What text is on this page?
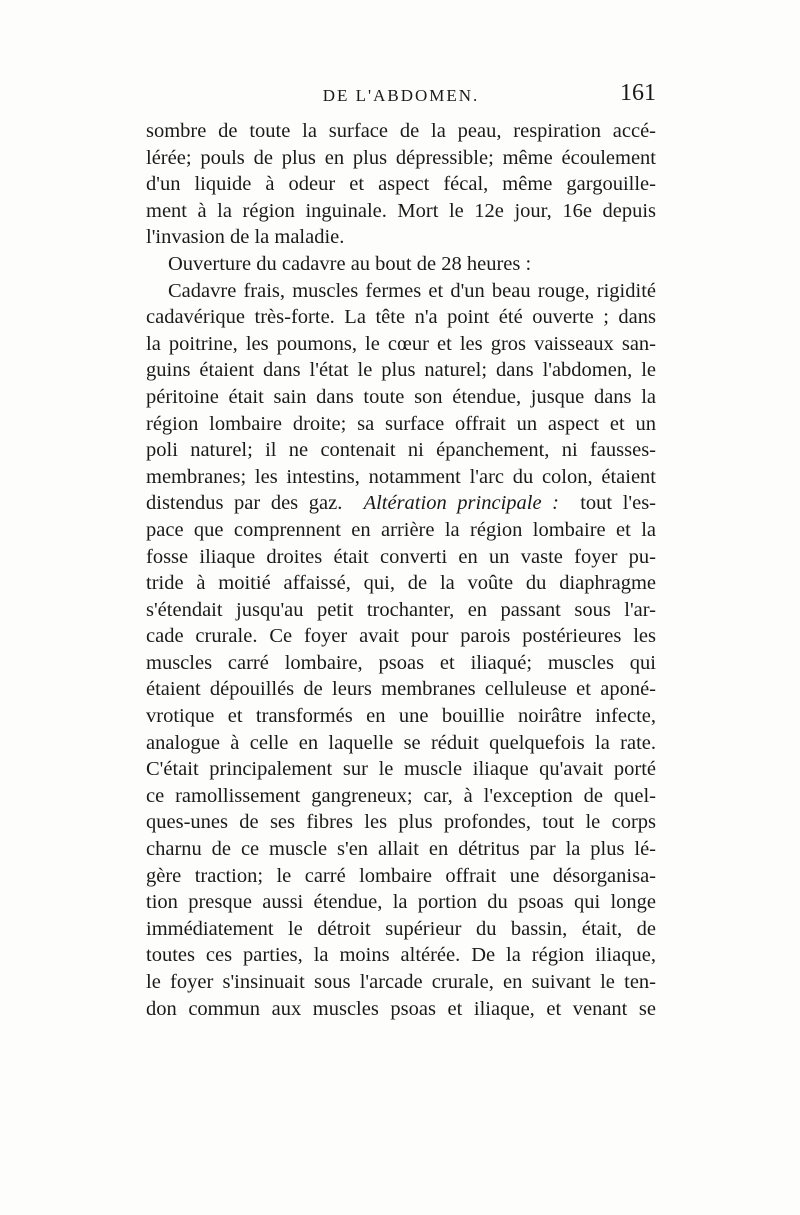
DE L'ABDOMEN.	161
sombre de toute la surface de la peau, respiration accé-
lérée; pouls de plus en plus dépressible; même écoulement
d'un liquide à odeur et aspect fécal, même gargouille-
ment à la région inguinale. Mort le 12e jour, 16e depuis
l'invasion de la maladie.
Ouverture du cadavre au bout de 28 heures :
Cadavre frais, muscles fermes et d'un beau rouge, rigidité
cadavérique très-forte. La tête n'a point été ouverte ; dans
la poitrine, les poumons, le cœur et les gros vaisseaux san-
guins étaient dans l'état le plus naturel; dans l'abdomen, le
péritoine était sain dans toute son étendue, jusque dans la
région lombaire droite; sa surface offrait un aspect et un
poli naturel; il ne contenait ni épanchement, ni fausses-
membranes; les intestins, notamment l'arc du colon, étaient
distendus par des gaz. Altération principale : tout l'es-
pace que comprennent en arrière la région lombaire et la
fosse iliaque droites était converti en un vaste foyer pu-
tride à moitié affaissé, qui, de la voûte du diaphragme
s'étendait jusqu'au petit trochanter, en passant sous l'ar-
cade crurale. Ce foyer avait pour parois postérieures les
muscles carré lombaire, psoas et iliaqué; muscles qui
étaient dépouillés de leurs membranes celluleuse et aponé-
vrotique et transformés en une bouillie noirâtre infecte,
analogue à celle en laquelle se réduit quelquefois la rate.
C'était principalement sur le muscle iliaque qu'avait porté
ce ramollissement gangreneux; car, à l'exception de quel-
ques-unes de ses fibres les plus profondes, tout le corps
charnu de ce muscle s'en allait en détritus par la plus lé-
gère traction; le carré lombaire offrait une désorganisa-
tion presque aussi étendue, la portion du psoas qui longe
immédiatement le détroit supérieur du bassin, était, de
toutes ces parties, la moins altérée. De la région iliaque,
le foyer s'insinuait sous l'arcade crurale, en suivant le ten-
don commun aux muscles psoas et iliaque, et venant se
